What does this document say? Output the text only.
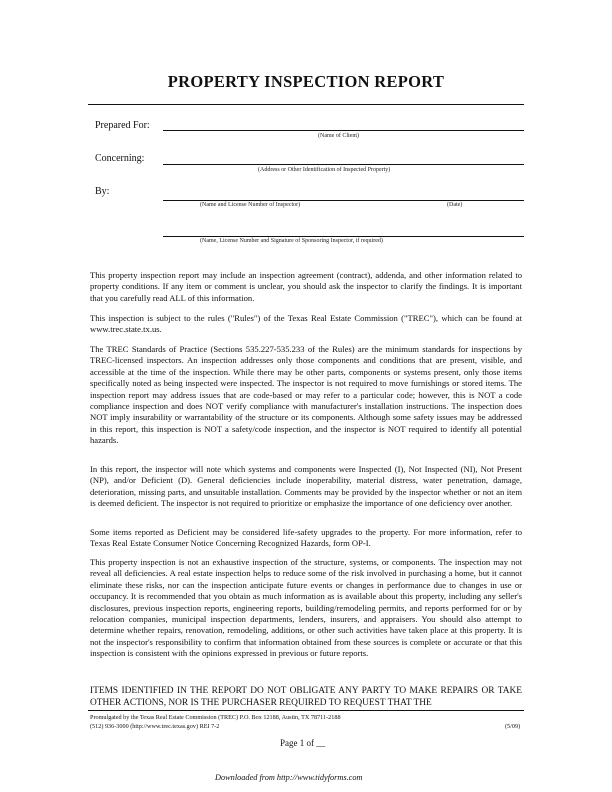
PROPERTY INSPECTION REPORT
Prepared For:
(Name of Client)
Concerning:
(Address or Other Identification of Inspected Property)
By:
(Name and License Number of Inspector)	(Date)
(Name, License Number and Signature of Sponsoring Inspector, if required)

This property inspection report may include an inspection agreement (contract), addenda, and other information related to property conditions. If any item or comment is unclear, you should ask the inspector to clarify the findings. It is important that you carefully read ALL of this information.

This inspection is subject to the rules ("Rules") of the Texas Real Estate Commission ("TREC"), which can be found at www.trec.state.tx.us.

The TREC Standards of Practice (Sections 535.227-535.233 of the Rules) are the minimum standards for inspections by TREC-licensed inspectors. An inspection addresses only those components and conditions that are present, visible, and accessible at the time of the inspection. While there may be other parts, components or systems present, only those items specifically noted as being inspected were inspected. The inspector is not required to move furnishings or stored items. The inspection report may address issues that are code-based or may refer to a particular code; however, this is NOT a code compliance inspection and does NOT verify compliance with manufacturer's installation instructions. The inspection does NOT imply insurability or warrantability of the structure or its components. Although some safety issues may be addressed in this report, this inspection is NOT a safety/code inspection, and the inspector is NOT required to identify all potential hazards.

In this report, the inspector will note which systems and components were Inspected (I), Not Inspected (NI), Not Present (NP), and/or Deficient (D). General deficiencies include inoperability, material distress, water penetration, damage, deterioration, missing parts, and unsuitable installation. Comments may be provided by the inspector whether or not an item is deemed deficient. The inspector is not required to prioritize or emphasize the importance of one deficiency over another.

Some items reported as Deficient may be considered life-safety upgrades to the property. For more information, refer to Texas Real Estate Consumer Notice Concerning Recognized Hazards, form OP-I.

This property inspection is not an exhaustive inspection of the structure, systems, or components. The inspection may not reveal all deficiencies. A real estate inspection helps to reduce some of the risk involved in purchasing a home, but it cannot eliminate these risks, nor can the inspection anticipate future events or changes in performance due to changes in use or occupancy. It is recommended that you obtain as much information as is available about this property, including any seller's disclosures, previous inspection reports, engineering reports, building/remodeling permits, and reports performed for or by relocation companies, municipal inspection departments, lenders, insurers, and appraisers. You should also attempt to determine whether repairs, renovation, remodeling, additions, or other such activities have taken place at this property. It is not the inspector's responsibility to confirm that information obtained from these sources is complete or accurate or that this inspection is consistent with the opinions expressed in previous or future reports.

ITEMS IDENTIFIED IN THE REPORT DO NOT OBLIGATE ANY PARTY TO MAKE REPAIRS OR TAKE OTHER ACTIONS, NOR IS THE PURCHASER REQUIRED TO REQUEST THAT THE

Promulgated by the Texas Real Estate Commission (TREC) P.O. Box 12188, Austin, TX 78711-2188
(512) 936-3000 (http://www.trec.texas.gov) REI 7-2	(5/09)
Page 1 of __
Downloaded from http://www.tidyforms.com
